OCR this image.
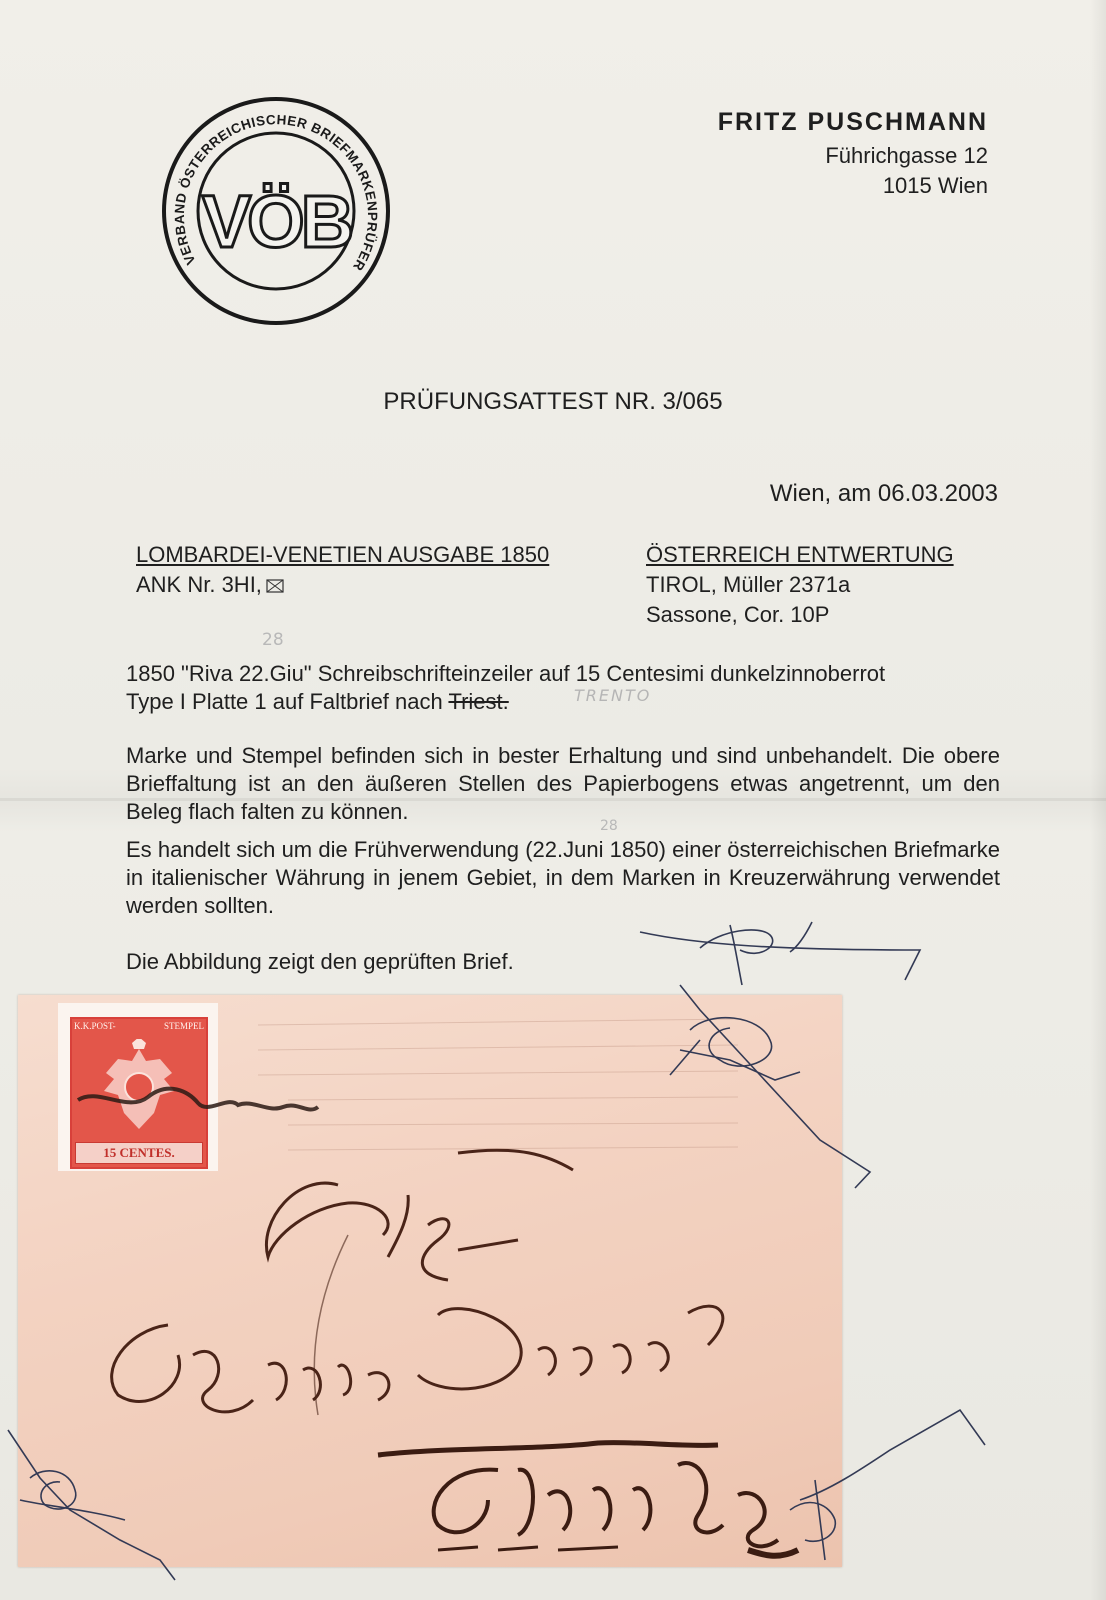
VERBAND ÖSTERREICHISCHER BRIEFMARKENPRÜFER
VÖB
FRITZ PUSCHMANN
Führichgasse 12
1015 Wien
PRÜFUNGSATTEST NR. 3/065
Wien, am 06.03.2003
LOMBARDEI-VENETIEN AUSGABE 1850
ANK Nr. 3HI,
ÖSTERREICH ENTWERTUNG
TIROL, Müller 2371a
Sassone, Cor. 10P
28
TRENTO
28
1850 "Riva 22.Giu" Schreibschrifteinzeiler auf 15 Centesimi dunkelzinnoberrot
Type I Platte 1 auf Faltbrief nach Triest.
Marke und Stempel befinden sich in bester Erhaltung und sind unbehandelt. Die obere Brieffaltung ist an den äußeren Stellen des Papierbogens etwas angetrennt, um den Beleg flach falten zu können.
Es handelt sich um die Frühverwendung (22.Juni 1850) einer österreichischen Briefmarke in italienischer Währung in jenem Gebiet, in dem Marken in Kreuzerwährung verwendet werden sollten.
Die Abbildung zeigt den geprüften Brief.
K.K.POST-	STEMPEL
15 CENTES.
